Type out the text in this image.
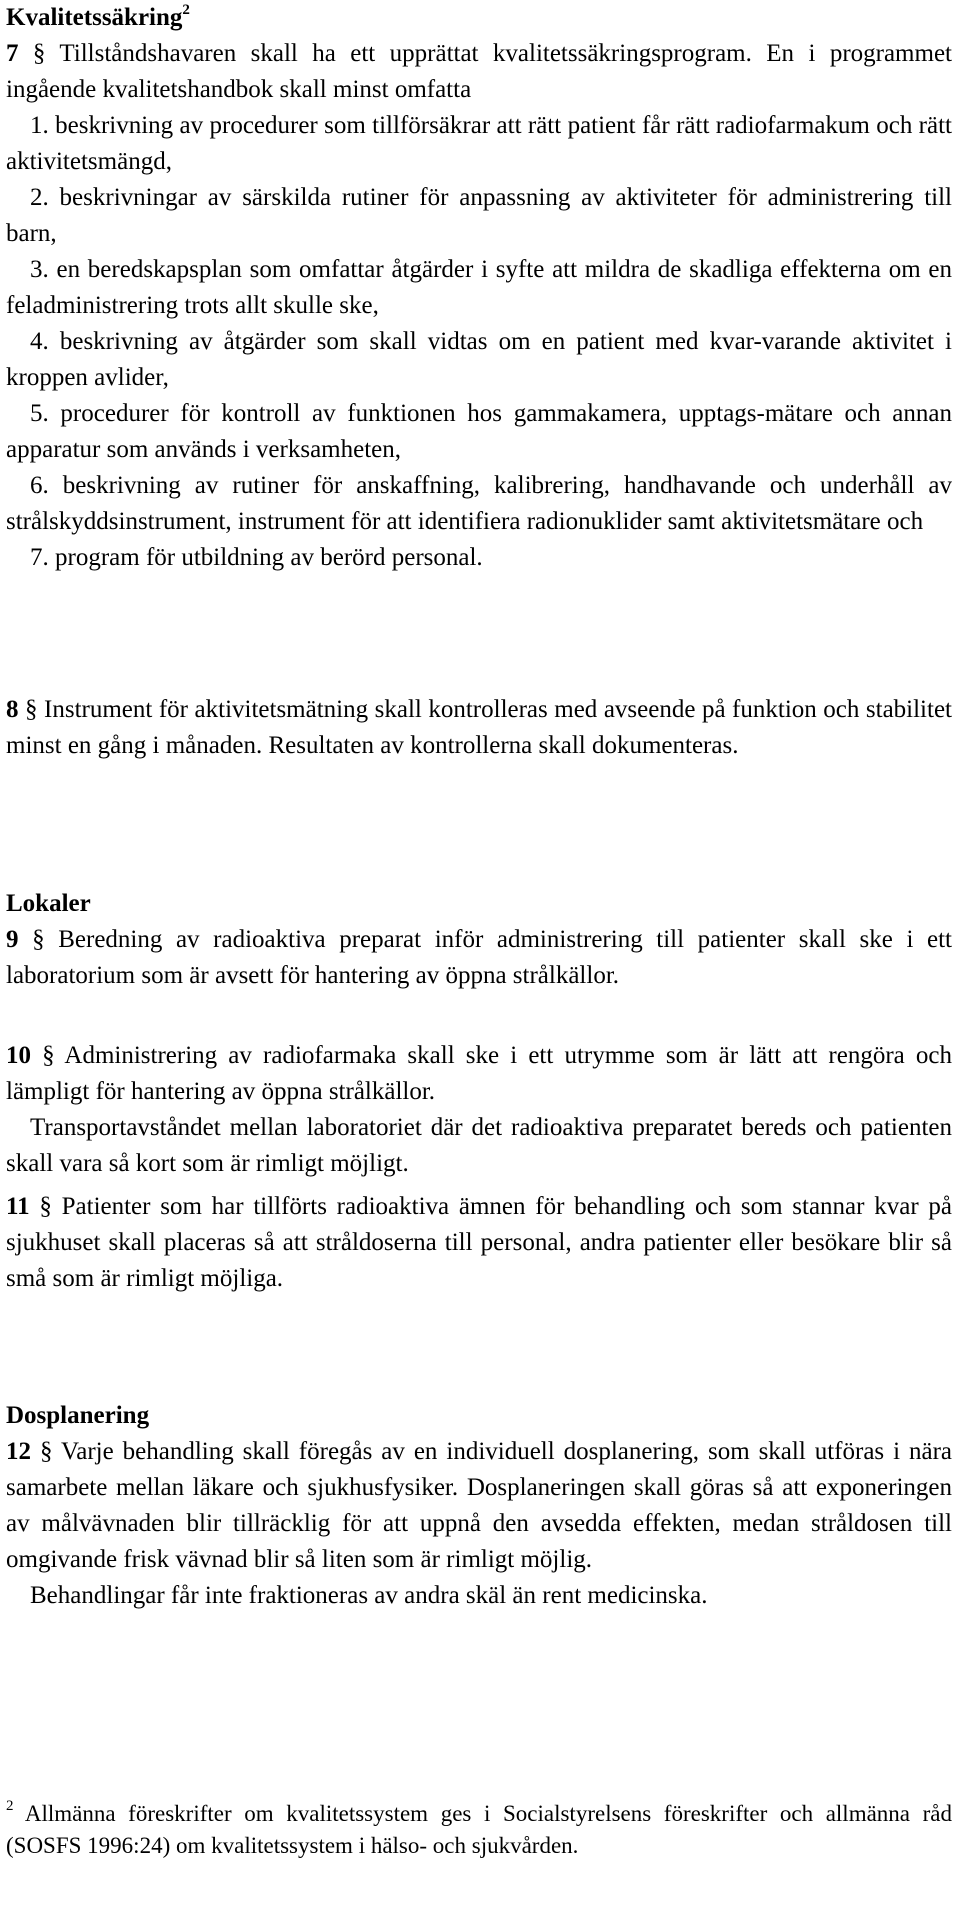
Kvalitetssäkring$^2$

7 § Tillståndshavaren skall ha ett upprättat kvalitetssäkringsprogram. En i programmet ingående kvalitetshandbok skall minst omfatta

1. beskrivning av procedurer som tillförsäkrar att rätt patient får rätt radiofarmakum och rätt aktivitetsmängd,

2. beskrivningar av särskilda rutiner för anpassning av aktiviteter för administrering till barn,

3. en beredskapsplan som omfattar åtgärder i syfte att mildra de skadliga effekterna om en feladministrering trots allt skulle ske,

4. beskrivning av åtgärder som skall vidtas om en patient med kvar-varande aktivitet i kroppen avlider,

5. procedurer för kontroll av funktionen hos gammakamera, upptags-mätare och annan apparatur som används i verksamheten,

6. beskrivning av rutiner för anskaffning, kalibrering, handhavande och underhåll av strålskyddsinstrument, instrument för att identifiera radionuklider samt aktivitetsmätare och

7. program för utbildning av berörd personal.

8 § Instrument för aktivitetsmätning skall kontrolleras med avseende på funktion och stabilitet minst en gång i månaden. Resultaten av kontrollerna skall dokumenteras.

Lokaler

9 § Beredning av radioaktiva preparat inför administrering till patienter skall ske i ett laboratorium som är avsett för hantering av öppna strålkällor.

10 § Administrering av radiofarmaka skall ske i ett utrymme som är lätt att rengöra och lämpligt för hantering av öppna strålkällor.

Transportavståndet mellan laboratoriet där det radioaktiva preparatet bereds och patienten skall vara så kort som är rimligt möjligt.

11 § Patienter som har tillförts radioaktiva ämnen för behandling och som stannar kvar på sjukhuset skall placeras så att stråldoserna till personal, andra patienter eller besökare blir så små som är rimligt möjliga.

Dosplanering

12 § Varje behandling skall föregås av en individuell dosplanering, som skall utföras i nära samarbete mellan läkare och sjukhusfysiker. Dosplaneringen skall göras så att exponeringen av målvävnaden blir tillräcklig för att uppnå den avsedda effekten, medan stråldosen till omgivande frisk vävnad blir så liten som är rimligt möjlig.

Behandlingar får inte fraktioneras av andra skäl än rent medicinska.

$^2$ Allmänna föreskrifter om kvalitetssystem ges i Socialstyrelsens föreskrifter och allmänna råd (SOSFS 1996:24) om kvalitetssystem i hälso- och sjukvården.
